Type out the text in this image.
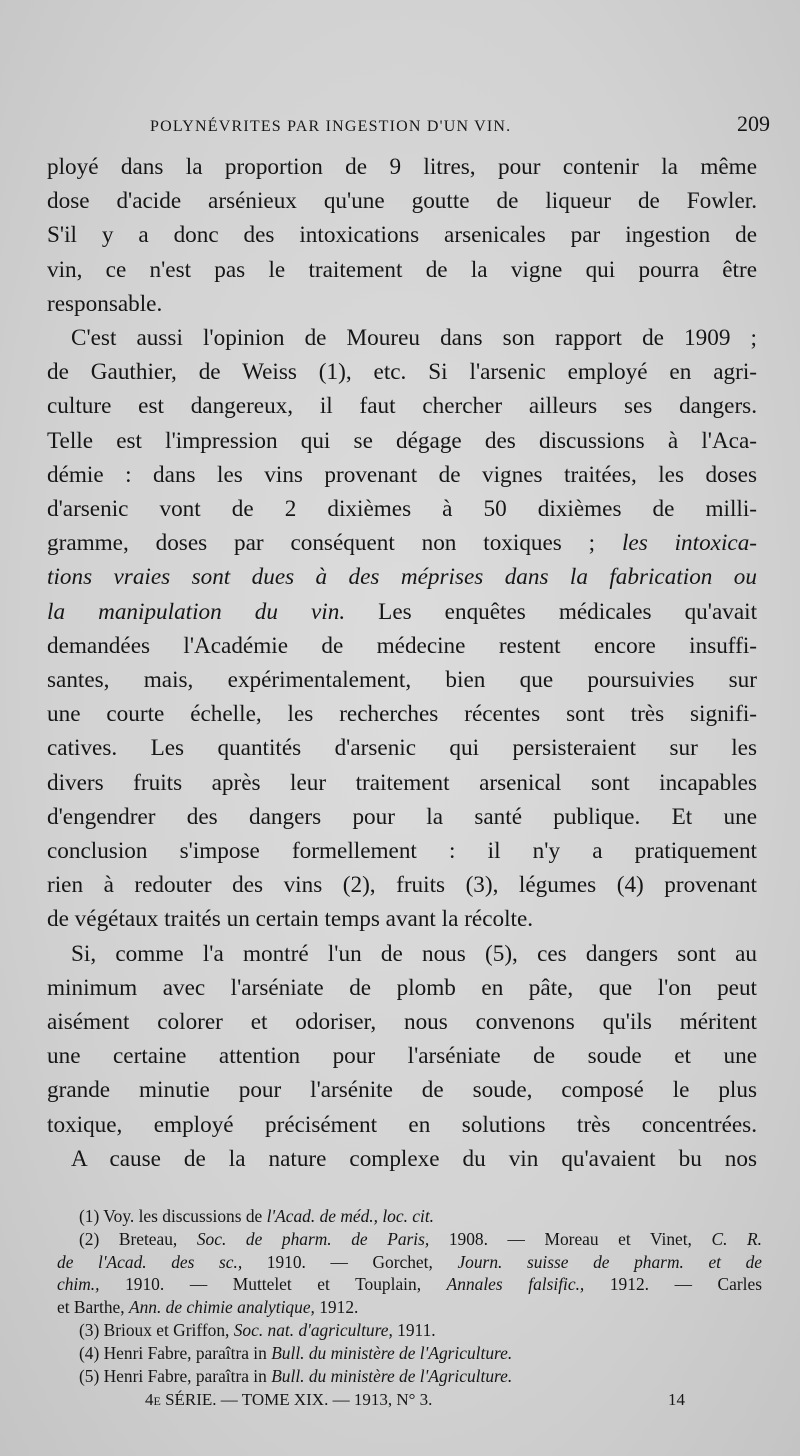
POLYNÉVRITES PAR INGESTION D'UN VIN.	209
ployé dans la proportion de 9 litres, pour contenir la même
dose d'acide arsénieux qu'une goutte de liqueur de Fowler.
S'il y a donc des intoxications arsenicales par ingestion de
vin, ce n'est pas le traitement de la vigne qui pourra être
responsable.
C'est aussi l'opinion de Moureu dans son rapport de 1909 ;
de Gauthier, de Weiss (1), etc. Si l'arsenic employé en agri-
culture est dangereux, il faut chercher ailleurs ses dangers.
Telle est l'impression qui se dégage des discussions à l'Aca-
démie : dans les vins provenant de vignes traitées, les doses
d'arsenic vont de 2 dixièmes à 50 dixièmes de milli-
gramme, doses par conséquent non toxiques ; les intoxica-
tions vraies sont dues à des méprises dans la fabrication ou
la manipulation du vin. Les enquêtes médicales qu'avait
demandées l'Académie de médecine restent encore insuffi-
santes, mais, expérimentalement, bien que poursuivies sur
une courte échelle, les recherches récentes sont très signifi-
catives. Les quantités d'arsenic qui persisteraient sur les
divers fruits après leur traitement arsenical sont incapables
d'engendrer des dangers pour la santé publique. Et une
conclusion s'impose formellement : il n'y a pratiquement
rien à redouter des vins (2), fruits (3), légumes (4) provenant
de végétaux traités un certain temps avant la récolte.
Si, comme l'a montré l'un de nous (5), ces dangers sont au
minimum avec l'arséniate de plomb en pâte, que l'on peut
aisément colorer et odoriser, nous convenons qu'ils méritent
une certaine attention pour l'arséniate de soude et une
grande minutie pour l'arsénite de soude, composé le plus
toxique, employé précisément en solutions très concentrées.
A cause de la nature complexe du vin qu'avaient bu nos
(1) Voy. les discussions de l'Acad. de méd., loc. cit.
(2) Breteau, Soc. de pharm. de Paris, 1908. — Moreau et Vinet, C. R.
de l'Acad. des sc., 1910. — Gorchet, Journ. suisse de pharm. et de
chim., 1910. — Muttelet et Touplain, Annales falsific., 1912. — Carles
et Barthe, Ann. de chimie analytique, 1912.
(3) Brioux et Griffon, Soc. nat. d'agriculture, 1911.
(4) Henri Fabre, paraîtra in Bull. du ministère de l'Agriculture.
(5) Henri Fabre, paraîtra in Bull. du ministère de l'Agriculture.
4e SÉRIE. — TOME XIX. — 1913, N° 3.	14
